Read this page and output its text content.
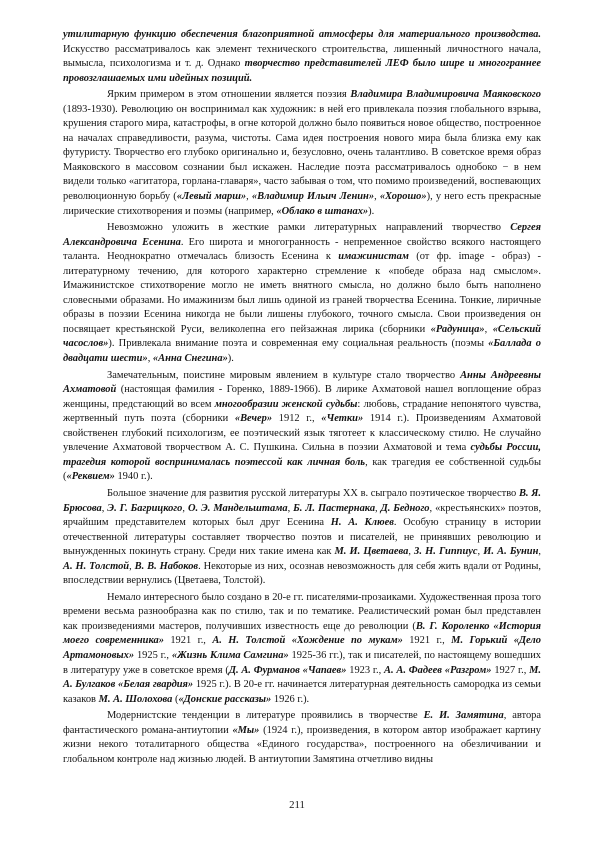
утилитарную функцию обеспечения благоприятной атмосферы для материального производства. Искусство рассматривалось как элемент технического строительства, лишенный личностного начала, вымысла, психологизма и т. д. Однако творчество представителей ЛЕФ было шире и многограннее провозглашаемых ими идейных позиций.

Ярким примером в этом отношении является поэзия Владимира Владимировича Маяковского (1893-1930). Революцию он воспринимал как художник: в ней его привлекала поэзия глобального взрыва, крушения старого мира, катастрофы, в огне которой должно было появиться новое общество, построенное на началах справедливости, разума, чистоты. Сама идея построения нового мира была близка ему как футуристу. Творчество его глубоко оригинально и, безусловно, очень талантливо. В советское время образ Маяковского в массовом сознании был искажен. Наследие поэта рассматривалось однобоко − в нем видели только «агитатора, горлана-главаря», часто забывая о том, что помимо произведений, воспевающих революционную борьбу («Левый марш», «Владимир Ильич Ленин», «Хорошо»), у него есть прекрасные лирические стихотворения и поэмы (например, «Облако в штанах»).

Невозможно уложить в жесткие рамки литературных направлений творчество Сергея Александровича Есенина. Его широта и многогранность - непременное свойство всякого настоящего таланта. Неоднократно отмечалась близость Есенина к имажинистам (от фр. image - образ) - литературному течению, для которого характерно стремление к «победе образа над смыслом». Имажинистское стихотворение могло не иметь внятного смысла, но должно было быть наполнено словесными образами. Но имажинизм был лишь одиной из граней творчества Есенина. Тонкие, лиричные образы в поэзии Есенина никогда не были лишены глубокого, точного смысла. Свои произведения он посвящает крестьянской Руси, великолепна его пейзажная лирика (сборники «Радуница», «Сельский часослов»). Привлекала внимание поэта и современная ему социальная реальность (поэмы «Баллада о двадцати шести», «Анна Снегина»).

Замечательным, поистине мировым явлением в культуре стало творчество Анны Андреевны Ахматовой (настоящая фамилия - Горенко, 1889-1966). В лирике Ахматовой нашел воплощение образ женщины, предстающий во всем многообразии женской судьбы: любовь, страдание непонятого чувства, жертвенный путь поэта (сборники «Вечер» 1912 г., «Четки» 1914 г.). Произведениям Ахматовой свойственен глубокий психологизм, ее поэтический язык тяготеет к классическому стилю. Не случайно увлечение Ахматовой творчеством А. С. Пушкина. Сильна в поэзии Ахматовой и тема судьбы России, трагедия которой воспринималась поэтессой как личная боль, как трагедия ее собственной судьбы («Реквием» 1940 г.).

Большое значение для развития русской литературы ХХ в. сыграло поэтическое творчество В. Я. Брюсова, Э. Г. Багрицкого, О. Э. Мандельштама, Б. Л. Пастернака, Д. Бедного, «крестьянских» поэтов, ярчайшим представителем которых был друг Есенина Н. А. Клюев. Особую страницу в истории отечественной литературы составляет творчество поэтов и писателей, не принявших революцию и вынужденных покинуть страну. Среди них такие имена как М. И. Цветаева, З. Н. Гиппиус, И. А. Бунин, А. Н. Толстой, В. В. Набоков. Некоторые из них, осознав невозможность для себя жить вдали от Родины, впоследствии вернулись (Цветаева, Толстой).

Немало интересного было создано в 20-е гг. писателями-прозаиками. Художественная проза того времени весьма разнообразна как по стилю, так и по тематике. Реалистический роман был представлен как произведениями мастеров, получивших известность еще до революции (В. Г. Короленко «История моего современника» 1921 г., А. Н. Толстой «Хождение по мукам» 1921 г., М. Горький «Дело Артамоновых» 1925 г., «Жизнь Клима Самгина» 1925-36 гг.), так и писателей, по настоящему вошедших в литературу уже в советское время (Д. А. Фурманов «Чапаев» 1923 г., А. А. Фадеев «Разгром» 1927 г., М. А. Булгаков «Белая гвардия» 1925 г.). В 20-е гг. начинается литературная деятельность самородка из семьи казаков М. А. Шолохова («Донские рассказы» 1926 г.).

Модернистские тенденции в литературе проявились в творчестве Е. И. Замятина, автора фантастического романа-антиутопии «Мы» (1924 г.), произведения, в котором автор изображает картину жизни некого тоталитарного общества «Единого государства», построенного на обезличивании и глобальном контроле над жизнью людей. В антиутопии Замятина отчетливо видны

211
